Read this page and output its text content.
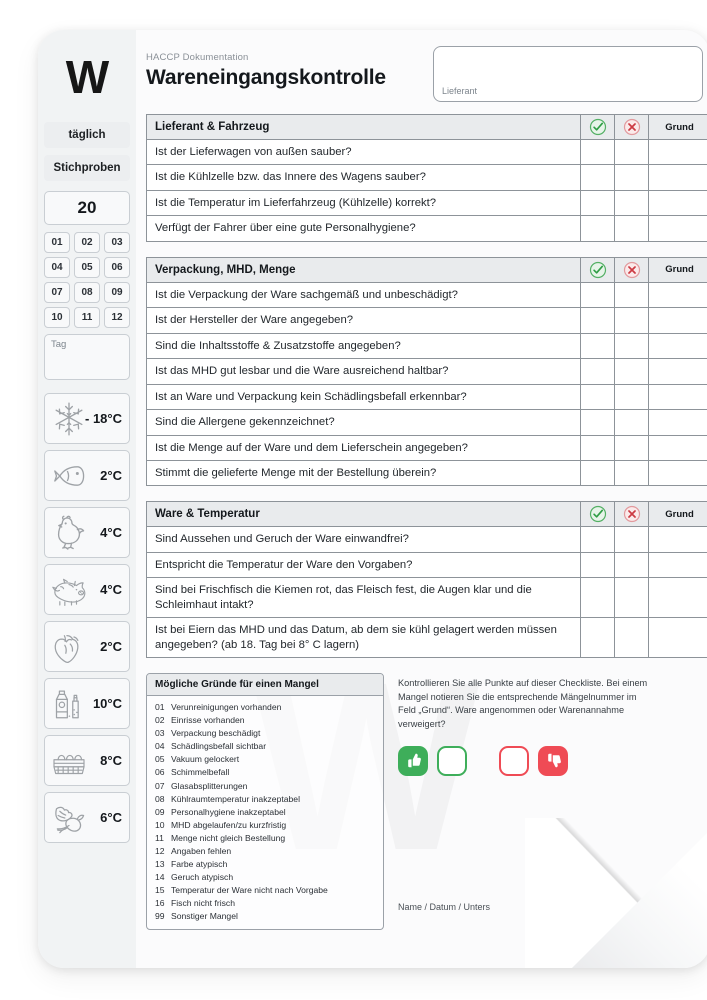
W
täglich
Stichproben
20
01	02	03
04	05	06
07	08	09
10	11	12
Tag
- 18°C
2°C
4°C
4°C
2°C
10°C
8°C
6°C
HACCP Dokumentation
Wareneingangskontrolle
Lieferant
Lieferant & Fahrzeug			Grund
Ist der Lieferwagen von außen sauber?			
Ist die Kühlzelle bzw. das Innere des Wagens sauber?			
Ist die Temperatur im Lieferfahrzeug (Kühlzelle) korrekt?			
Verfügt der Fahrer über eine gute Personalhygiene?			
Verpackung, MHD, Menge			Grund
Ist die Verpackung der Ware sachgemäß und unbeschädigt?			
Ist der Hersteller der Ware angegeben?			
Sind die Inhaltsstoffe & Zusatzstoffe angegeben?			
Ist das MHD gut lesbar und die Ware ausreichend haltbar?			
Ist an Ware und Verpackung kein Schädlingsbefall erkennbar?			
Sind die Allergene gekennzeichnet?			
Ist die Menge auf der Ware und dem Lieferschein angegeben?			
Stimmt die gelieferte Menge mit der Bestellung überein?			
Ware & Temperatur			Grund
Sind Aussehen und Geruch der Ware einwandfrei?			
Entspricht die Temperatur der Ware den Vorgaben?			
Sind bei Frischfisch die Kiemen rot, das Fleisch fest, die Augen klar und die Schleimhaut intakt?			
Ist bei Eiern das MHD und das Datum, ab dem sie kühl gelagert werden müssen angegeben? (ab 18. Tag bei 8° C lagern)			
Mögliche Gründe für einen Mangel
01 Verunreinigungen vorhanden
02 Einrisse vorhanden
03 Verpackung beschädigt
04 Schädlingsbefall sichtbar
05 Vakuum gelockert
06 Schimmelbefall
07 Glasabsplitterungen
08 Kühlraumtemperatur inakzeptabel
09 Personalhygiene inakzeptabel
10 MHD abgelaufen/zu kurzfristig
11 Menge nicht gleich Bestellung
12 Angaben fehlen
13 Farbe atypisch
14 Geruch atypisch
15 Temperatur der Ware nicht nach Vorgabe
16 Fisch nicht frisch
99 Sonstiger Mangel

Kontrollieren Sie alle Punkte auf dieser Checkliste. Bei einem Mangel notieren Sie die entsprechende Mängelnummer im Feld „Grund“. Ware angenommen oder Warenannahme verweigert?

Name / Datum / Unters
